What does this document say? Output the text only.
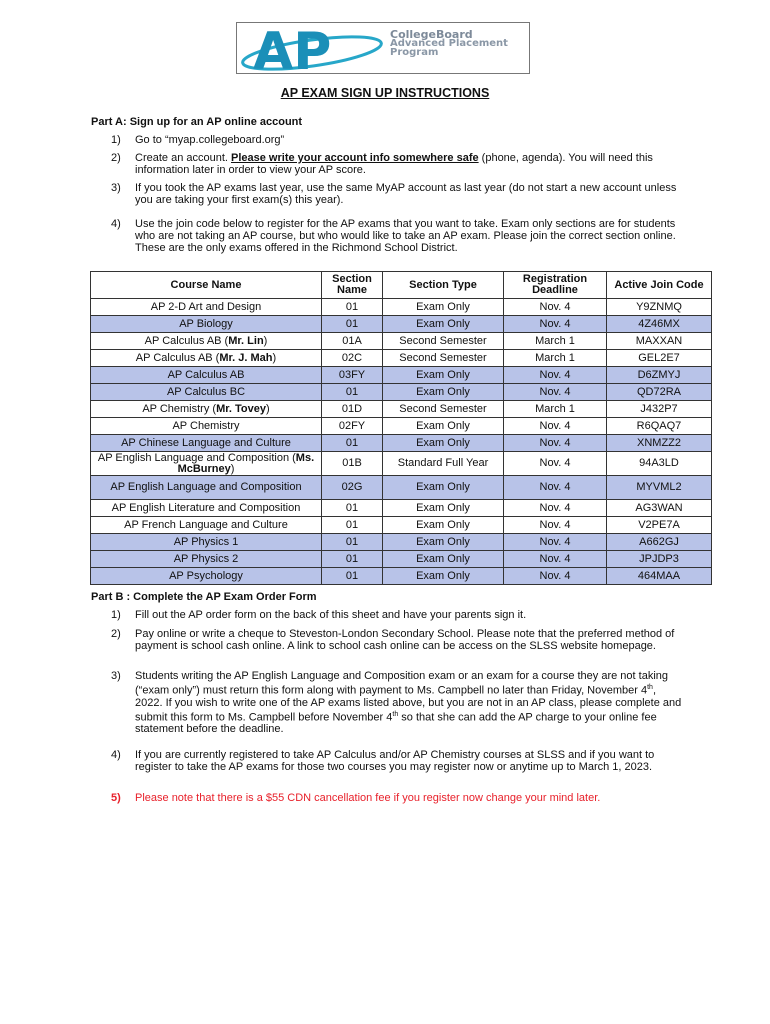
AP	CollegeBoard
Advanced Placement
Program
AP EXAM SIGN UP INSTRUCTIONS
Part A: Sign up for an AP online account
1) Go to “myap.collegeboard.org”
2) Create an account. Please write your account info somewhere safe (phone, agenda). You will need this information later in order to view your AP score.
3) If you took the AP exams last year, use the same MyAP account as last year (do not start a new account unless you are taking your first exam(s) this year).
4) Use the join code below to register for the AP exams that you want to take. Exam only sections are for students who are not taking an AP course, but who would like to take an AP exam. Please join the correct section online. These are the only exams offered in the Richmond School District.
Course Name	Section Name	Section Type	Registration Deadline	Active Join Code
AP 2-D Art and Design	01	Exam Only	Nov. 4	Y9ZNMQ
AP Biology	01	Exam Only	Nov. 4	4Z46MX
AP Calculus AB (Mr. Lin)	01A	Second Semester	March 1	MAXXAN
AP Calculus AB (Mr. J. Mah)	02C	Second Semester	March 1	GEL2E7
AP Calculus AB	03FY	Exam Only	Nov. 4	D6ZMYJ
AP Calculus BC	01	Exam Only	Nov. 4	QD72RA
AP Chemistry (Mr. Tovey)	01D	Second Semester	March 1	J432P7
AP Chemistry	02FY	Exam Only	Nov. 4	R6QAQ7
AP Chinese Language and Culture	01	Exam Only	Nov. 4	XNMZZ2
AP English Language and Composition (Ms. McBurney)	01B	Standard Full Year	Nov. 4	94A3LD
AP English Language and Composition	02G	Exam Only	Nov. 4	MYVML2
AP English Literature and Composition	01	Exam Only	Nov. 4	AG3WAN
AP French Language and Culture	01	Exam Only	Nov. 4	V2PE7A
AP Physics 1	01	Exam Only	Nov. 4	A662GJ
AP Physics 2	01	Exam Only	Nov. 4	JPJDP3
AP Psychology	01	Exam Only	Nov. 4	464MAA
Part B : Complete the AP Exam Order Form
1) Fill out the AP order form on the back of this sheet and have your parents sign it.
2) Pay online or write a cheque to Steveston-London Secondary School. Please note that the preferred method of payment is school cash online. A link to school cash online can be access on the SLSS website homepage.
3) Students writing the AP English Language and Composition exam or an exam for a course they are not taking (“exam only”) must return this form along with payment to Ms. Campbell no later than Friday, November 4th, 2022. If you wish to write one of the AP exams listed above, but you are not in an AP class, please complete and submit this form to Ms. Campbell before November 4th so that she can add the AP charge to your online fee statement before the deadline.
4) If you are currently registered to take AP Calculus and/or AP Chemistry courses at SLSS and if you want to register to take the AP exams for those two courses you may register now or anytime up to March 1, 2023.
5) Please note that there is a $55 CDN cancellation fee if you register now change your mind later.
